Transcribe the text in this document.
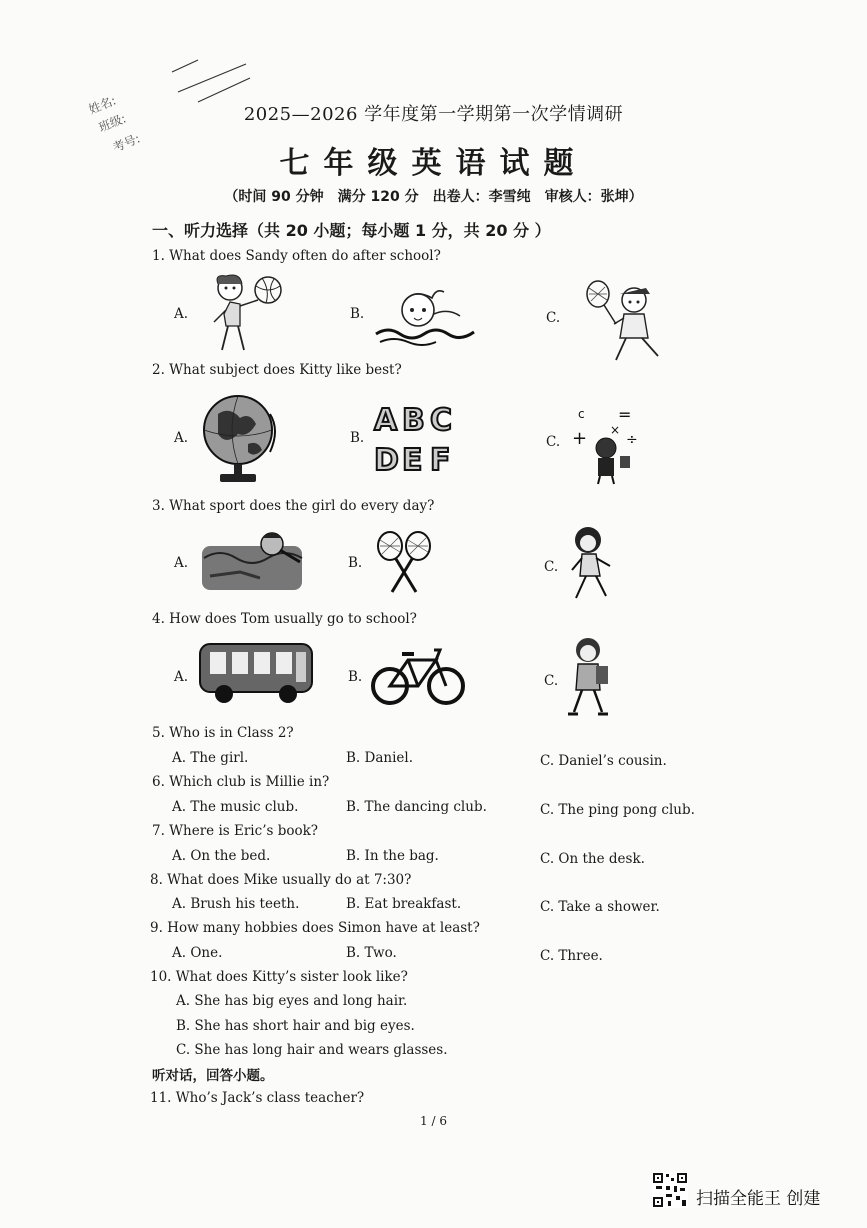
姓名:
班级:
考号:
2025—2026 学年度第一学期第一次学情调研
七年级英语试题
（时间 90 分钟　满分 120 分　出卷人：李雪纯　审核人：张坤）
一、听力选择（共 20 小题；每小题 1 分，共 20 分 ）
1. What does Sandy often do after school?
A.	B.	C.
2. What subject does Kitty like best?
A.	B.	C.
A B C
D E F
c =
+	÷
×
3. What sport does the girl do every day?
A.	B.	C.
4. How does Tom usually go to school?
A.	B.	C.
5. Who is in Class 2?
A. The girl.	B. Daniel.	C. Daniel’s cousin.
6. Which club is Millie in?
A. The music club.	B. The dancing club.	C. The ping pong club.
7. Where is Eric’s book?
A. On the bed.	B. In the bag.	C. On the desk.
8. What does Mike usually do at 7:30?
A. Brush his teeth.	B. Eat breakfast.	C. Take a shower.
9. How many hobbies does Simon have at least?
A. One.	B. Two.	C. Three.
10. What does Kitty’s sister look like?
A. She has big eyes and long hair.
B. She has short hair and big eyes.
C. She has long hair and wears glasses.
听对话，回答小题。
11. Who’s Jack’s class teacher?
1 / 6
扫描全能王 创建
